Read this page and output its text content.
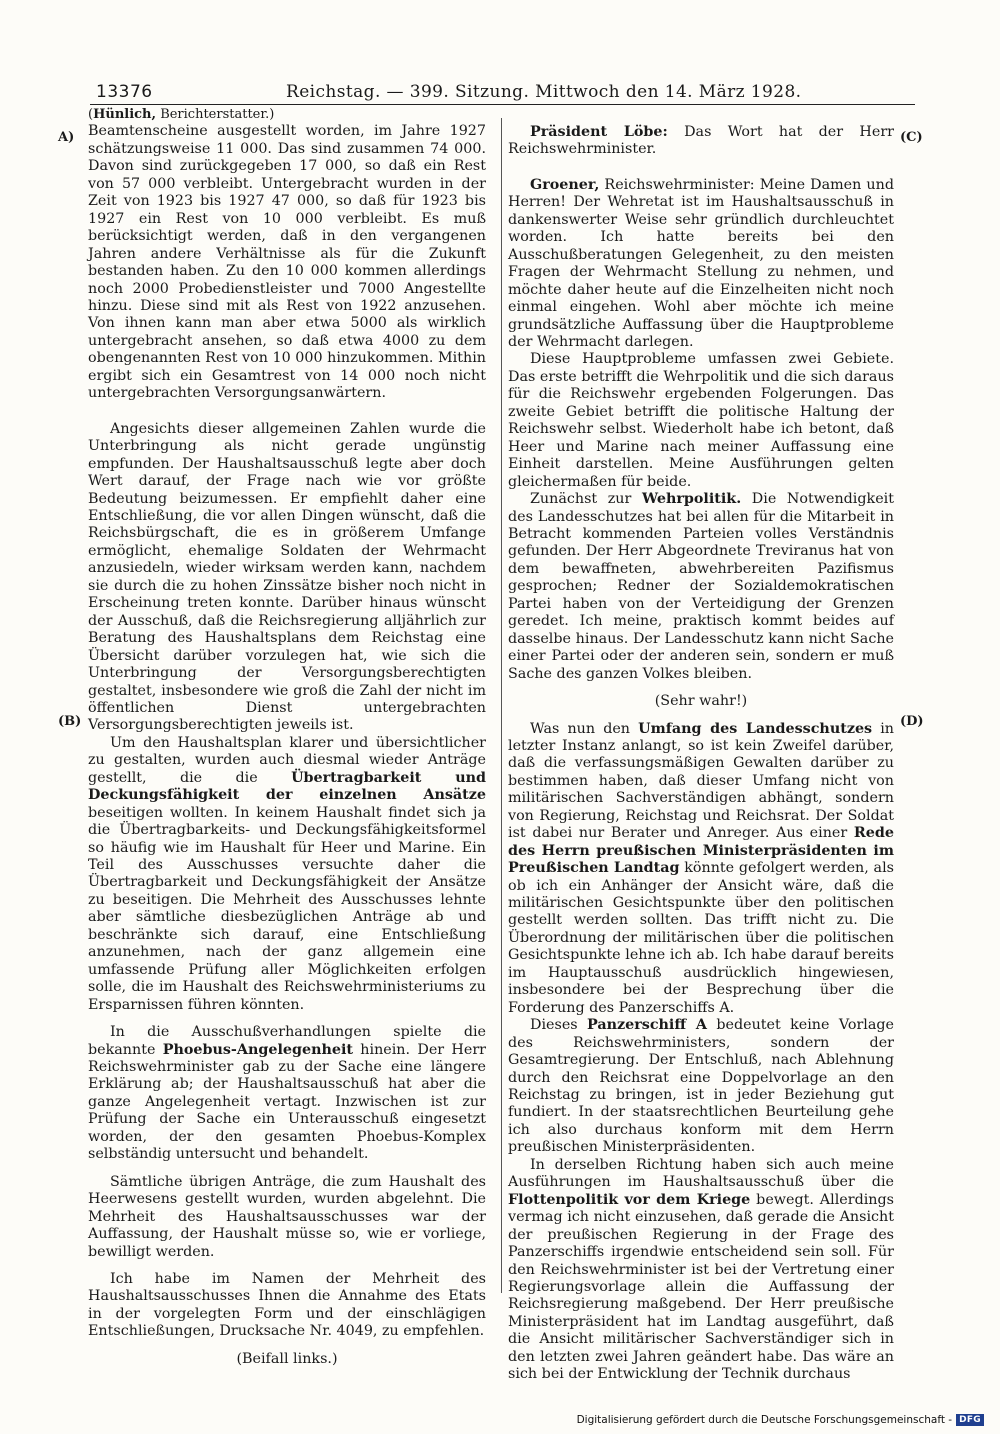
13376	Reichstag. — 399. Sitzung. Mittwoch den 14. März 1928.
A)
(B)
(C)
(D)

(Hünlich, Berichterstatter.)

Beamtenscheine ausgestellt worden, im Jahre 1927 schätzungsweise 11 000. Das sind zusammen 74 000. Davon sind zurückgegeben 17 000, so daß ein Rest von 57 000 verbleibt. Untergebracht wurden in der Zeit von 1923 bis 1927 47 000, so daß für 1923 bis 1927 ein Rest von 10 000 verbleibt. Es muß berücksichtigt werden, daß in den vergangenen Jahren andere Verhältnisse als für die Zukunft bestanden haben. Zu den 10 000 kommen allerdings noch 2000 Probedienstleister und 7000 Angestellte hinzu. Diese sind mit als Rest von 1922 anzusehen. Von ihnen kann man aber etwa 5000 als wirklich untergebracht ansehen, so daß etwa 4000 zu dem obengenannten Rest von 10 000 hinzukommen. Mithin ergibt sich ein Gesamtrest von 14 000 noch nicht untergebrachten Versorgungsanwärtern.

Angesichts dieser allgemeinen Zahlen wurde die Unterbringung als nicht gerade ungünstig empfunden. Der Haushaltsausschuß legte aber doch Wert darauf, der Frage nach wie vor größte Bedeutung beizumessen. Er empfiehlt daher eine Entschließung, die vor allen Dingen wünscht, daß die Reichsbürgschaft, die es in größerem Umfange ermöglicht, ehemalige Soldaten der Wehrmacht anzusiedeln, wieder wirksam werden kann, nachdem sie durch die zu hohen Zinssätze bisher noch nicht in Erscheinung treten konnte. Darüber hinaus wünscht der Ausschuß, daß die Reichsregierung alljährlich zur Beratung des Haushaltsplans dem Reichstag eine Übersicht darüber vorzulegen hat, wie sich die Unterbringung der Versorgungsberechtigten gestaltet, insbesondere wie groß die Zahl der nicht im öffentlichen Dienst untergebrachten Versorgungsberechtigten jeweils ist.

Um den Haushaltsplan klarer und übersichtlicher zu gestalten, wurden auch diesmal wieder Anträge gestellt, die die Übertragbarkeit und Deckungsfähigkeit der einzelnen Ansätze beseitigen wollten. In keinem Haushalt findet sich ja die Übertragbarkeits- und Deckungsfähigkeitsformel so häufig wie im Haushalt für Heer und Marine. Ein Teil des Ausschusses versuchte daher die Übertragbarkeit und Deckungsfähigkeit der Ansätze zu beseitigen. Die Mehrheit des Ausschusses lehnte aber sämtliche diesbezüglichen Anträge ab und beschränkte sich darauf, eine Entschließung anzunehmen, nach der ganz allgemein eine umfassende Prüfung aller Möglichkeiten erfolgen solle, die im Haushalt des Reichswehrministeriums zu Ersparnissen führen könnten.

In die Ausschußverhandlungen spielte die bekannte Phoebus-Angelegenheit hinein. Der Herr Reichswehrminister gab zu der Sache eine längere Erklärung ab; der Haushaltsausschuß hat aber die ganze Angelegenheit vertagt. Inzwischen ist zur Prüfung der Sache ein Unterausschuß eingesetzt worden, der den gesamten Phoebus-Komplex selbständig untersucht und behandelt.

Sämtliche übrigen Anträge, die zum Haushalt des Heerwesens gestellt wurden, wurden abgelehnt. Die Mehrheit des Haushaltsausschusses war der Auffassung, der Haushalt müsse so, wie er vorliege, bewilligt werden.

Ich habe im Namen der Mehrheit des Haushaltsausschusses Ihnen die Annahme des Etats in der vorgelegten Form und der einschlägigen Entschließungen, Drucksache Nr. 4049, zu empfehlen.

(Beifall links.)

Präsident Löbe: Das Wort hat der Herr Reichswehrminister.

Groener, Reichswehrminister: Meine Damen und Herren! Der Wehretat ist im Haushaltsausschuß in dankenswerter Weise sehr gründlich durchleuchtet worden. Ich hatte bereits bei den Ausschußberatungen Gelegenheit, zu den meisten Fragen der Wehrmacht Stellung zu nehmen, und möchte daher heute auf die Einzelheiten nicht noch einmal eingehen. Wohl aber möchte ich meine grundsätzliche Auffassung über die Hauptprobleme der Wehrmacht darlegen.

Diese Hauptprobleme umfassen zwei Gebiete. Das erste betrifft die Wehrpolitik und die sich daraus für die Reichswehr ergebenden Folgerungen. Das zweite Gebiet betrifft die politische Haltung der Reichswehr selbst. Wiederholt habe ich betont, daß Heer und Marine nach meiner Auffassung eine Einheit darstellen. Meine Ausführungen gelten gleichermaßen für beide.

Zunächst zur Wehrpolitik. Die Notwendigkeit des Landesschutzes hat bei allen für die Mitarbeit in Betracht kommenden Parteien volles Verständnis gefunden. Der Herr Abgeordnete Treviranus hat von dem bewaffneten, abwehrbereiten Pazifismus gesprochen; Redner der Sozialdemokratischen Partei haben von der Verteidigung der Grenzen geredet. Ich meine, praktisch kommt beides auf dasselbe hinaus. Der Landesschutz kann nicht Sache einer Partei oder der anderen sein, sondern er muß Sache des ganzen Volkes bleiben.

(Sehr wahr!)

Was nun den Umfang des Landesschutzes in letzter Instanz anlangt, so ist kein Zweifel darüber, daß die verfassungsmäßigen Gewalten darüber zu bestimmen haben, daß dieser Umfang nicht von militärischen Sachverständigen abhängt, sondern von Regierung, Reichstag und Reichsrat. Der Soldat ist dabei nur Berater und Anreger. Aus einer Rede des Herrn preußischen Ministerpräsidenten im Preußischen Landtag könnte gefolgert werden, als ob ich ein Anhänger der Ansicht wäre, daß die militärischen Gesichtspunkte über den politischen gestellt werden sollten. Das trifft nicht zu. Die Überordnung der militärischen über die politischen Gesichtspunkte lehne ich ab. Ich habe darauf bereits im Hauptausschuß ausdrücklich hingewiesen, insbesondere bei der Besprechung über die Forderung des Panzerschiffs A.

Dieses Panzerschiff A bedeutet keine Vorlage des Reichswehrministers, sondern der Gesamtregierung. Der Entschluß, nach Ablehnung durch den Reichsrat eine Doppelvorlage an den Reichstag zu bringen, ist in jeder Beziehung gut fundiert. In der staatsrechtlichen Beurteilung gehe ich also durchaus konform mit dem Herrn preußischen Ministerpräsidenten.

In derselben Richtung haben sich auch meine Ausführungen im Haushaltsausschuß über die Flottenpolitik vor dem Kriege bewegt. Allerdings vermag ich nicht einzusehen, daß gerade die Ansicht der preußischen Regierung in der Frage des Panzerschiffs irgendwie entscheidend sein soll. Für den Reichswehrminister ist bei der Vertretung einer Regierungsvorlage allein die Auffassung der Reichsregierung maßgebend. Der Herr preußische Ministerpräsident hat im Landtag ausgeführt, daß die Ansicht militärischer Sachverständiger sich in den letzten zwei Jahren geändert habe. Das wäre an sich bei der Entwicklung der Technik durchaus

Digitalisierung gefördert durch die Deutsche Forschungsgemeinschaft - DFG
